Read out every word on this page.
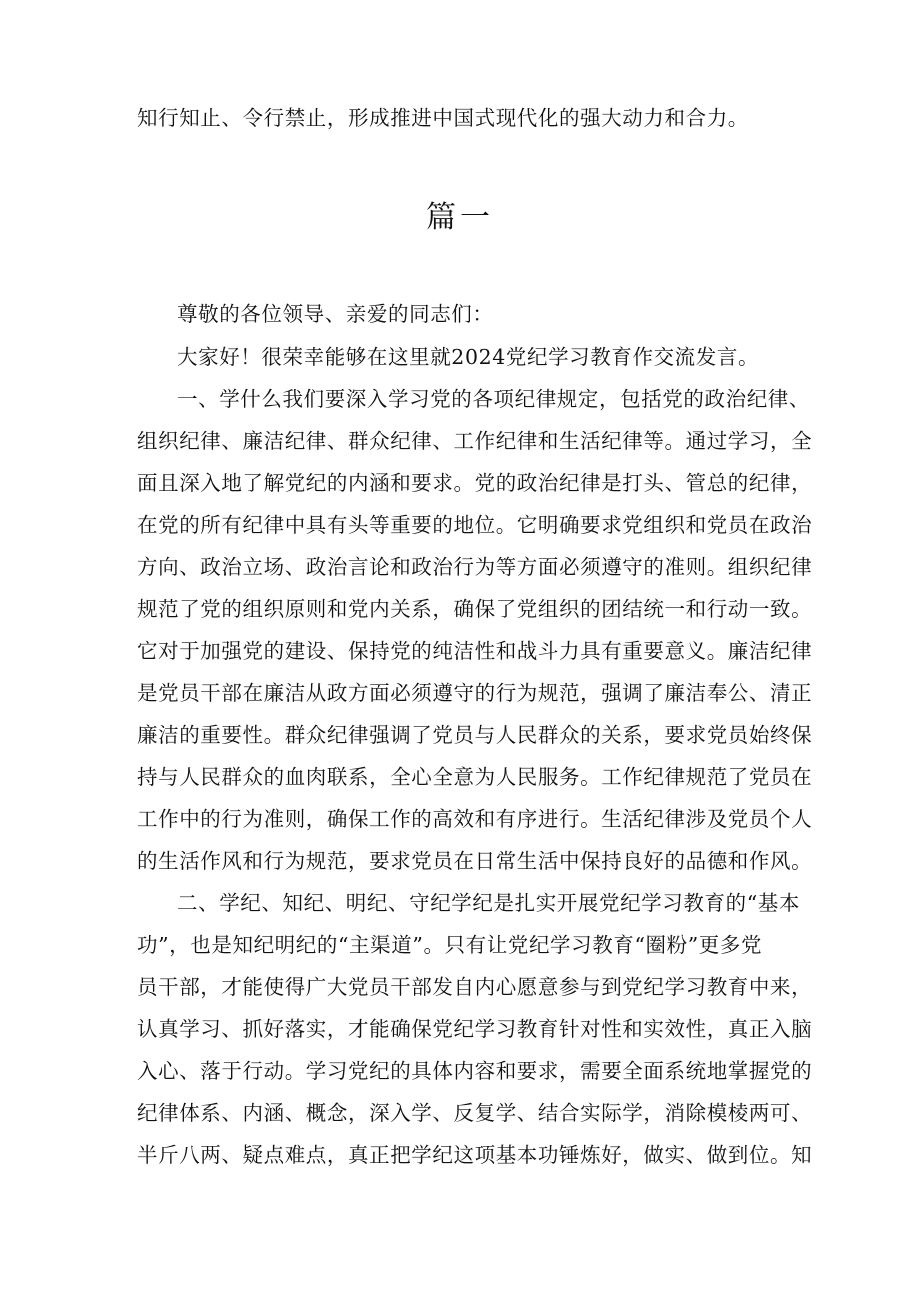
知行知止、令行禁止，形成推进中国式现代化的强大动力和合力。
篇一
尊敬的各位领导、亲爱的同志们：
大家好！很荣幸能够在这里就2024党纪学习教育作交流发言。
一、学什么我们要深入学习党的各项纪律规定，包括党的政治纪律、
组织纪律、廉洁纪律、群众纪律、工作纪律和生活纪律等。通过学习，全
面且深入地了解党纪的内涵和要求。党的政治纪律是打头、管总的纪律，
在党的所有纪律中具有头等重要的地位。它明确要求党组织和党员在政治
方向、政治立场、政治言论和政治行为等方面必须遵守的准则。组织纪律
规范了党的组织原则和党内关系，确保了党组织的团结统一和行动一致。
它对于加强党的建设、保持党的纯洁性和战斗力具有重要意义。廉洁纪律
是党员干部在廉洁从政方面必须遵守的行为规范，强调了廉洁奉公、清正
廉洁的重要性。群众纪律强调了党员与人民群众的关系，要求党员始终保
持与人民群众的血肉联系，全心全意为人民服务。工作纪律规范了党员在
工作中的行为准则，确保工作的高效和有序进行。生活纪律涉及党员个人
的生活作风和行为规范，要求党员在日常生活中保持良好的品德和作风。
二、学纪、知纪、明纪、守纪学纪是扎实开展党纪学习教育的“基本
功”，也是知纪明纪的“主渠道”。只有让党纪学习教育“圈粉”更多党
员干部，才能使得广大党员干部发自内心愿意参与到党纪学习教育中来，
认真学习、抓好落实，才能确保党纪学习教育针对性和实效性，真正入脑
入心、落于行动。学习党纪的具体内容和要求，需要全面系统地掌握党的
纪律体系、内涵、概念，深入学、反复学、结合实际学，消除模棱两可、
半斤八两、疑点难点，真正把学纪这项基本功锤炼好，做实、做到位。知
